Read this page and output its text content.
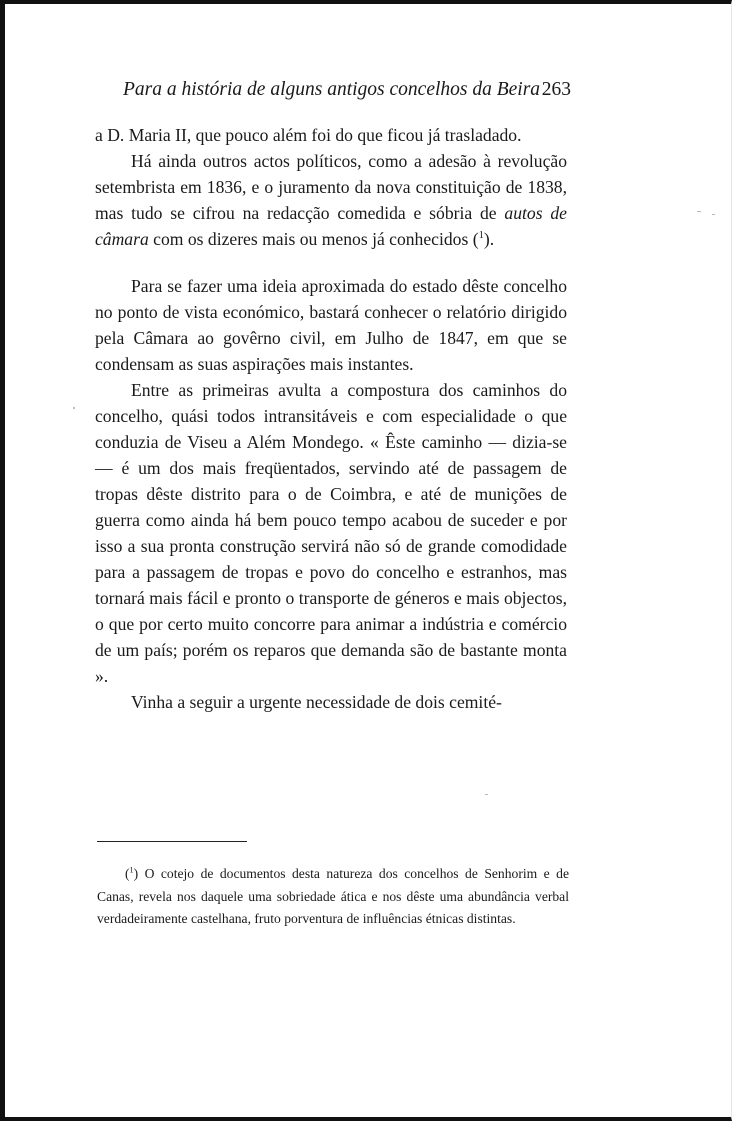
Para a história de alguns antigos concelhos da Beira 263

a D. Maria II, que pouco além foi do que ficou já trasladado.

Há ainda outros actos políticos, como a adesão à revolução setembrista em 1836, e o juramento da nova constituição de 1838, mas tudo se cifrou na redacção comedida e sóbria de autos de câmara com os dizeres mais ou menos já conhecidos ($^1$).

Para se fazer uma ideia aproximada do estado dêste concelho no ponto de vista económico, bastará conhecer o relatório dirigido pela Câmara ao govêrno civil, em Julho de 1847, em que se condensam as suas aspirações mais instantes.

Entre as primeiras avulta a compostura dos caminhos do concelho, quási todos intransitáveis e com especialidade o que conduzia de Viseu a Além Mondego. « Êste caminho — dizia-se — é um dos mais freqüentados, servindo até de passagem de tropas dêste distrito para o de Coimbra, e até de munições de guerra como ainda há bem pouco tempo acabou de suceder e por isso a sua pronta construção servirá não só de grande comodidade para a passagem de tropas e povo do concelho e estranhos, mas tornará mais fácil e pronto o transporte de géneros e mais objectos, o que por certo muito concorre para animar a indústria e comércio de um país; porém os reparos que demanda são de bastante monta ».

Vinha a seguir a urgente necessidade de dois cemité-

($^1$) O cotejo de documentos desta natureza dos concelhos de Senhorim e de Canas, revela nos daquele uma sobriedade ática e nos dêste uma abundância verbal verdadeiramente castelhana, fruto porventura de influências étnicas distintas.
